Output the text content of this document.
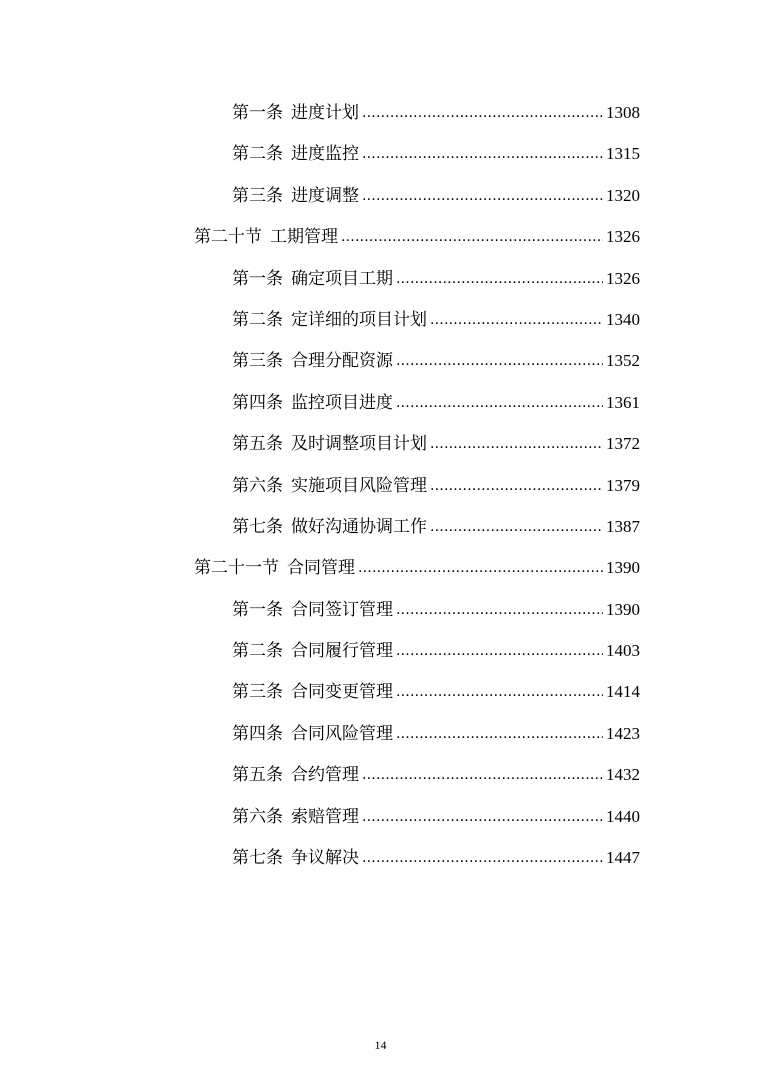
第一条 进度计划 .....	1308
第二条 进度监控 .....	1315
第三条 进度调整 .....	1320
第二十节 工期管理 .....	1326
第一条 确定项目工期 .....	1326
第二条 定详细的项目计划 .....	1340
第三条 合理分配资源 .....	1352
第四条 监控项目进度 .....	1361
第五条 及时调整项目计划 .....	1372
第六条 实施项目风险管理 .....	1379
第七条 做好沟通协调工作 .....	1387
第二十一节 合同管理 .....	1390
第一条 合同签订管理 .....	1390
第二条 合同履行管理 .....	1403
第三条 合同变更管理 .....	1414
第四条 合同风险管理 .....	1423
第五条 合约管理 .....	1432
第六条 索赔管理 .....	1440
第七条 争议解决 .....	1447
14
